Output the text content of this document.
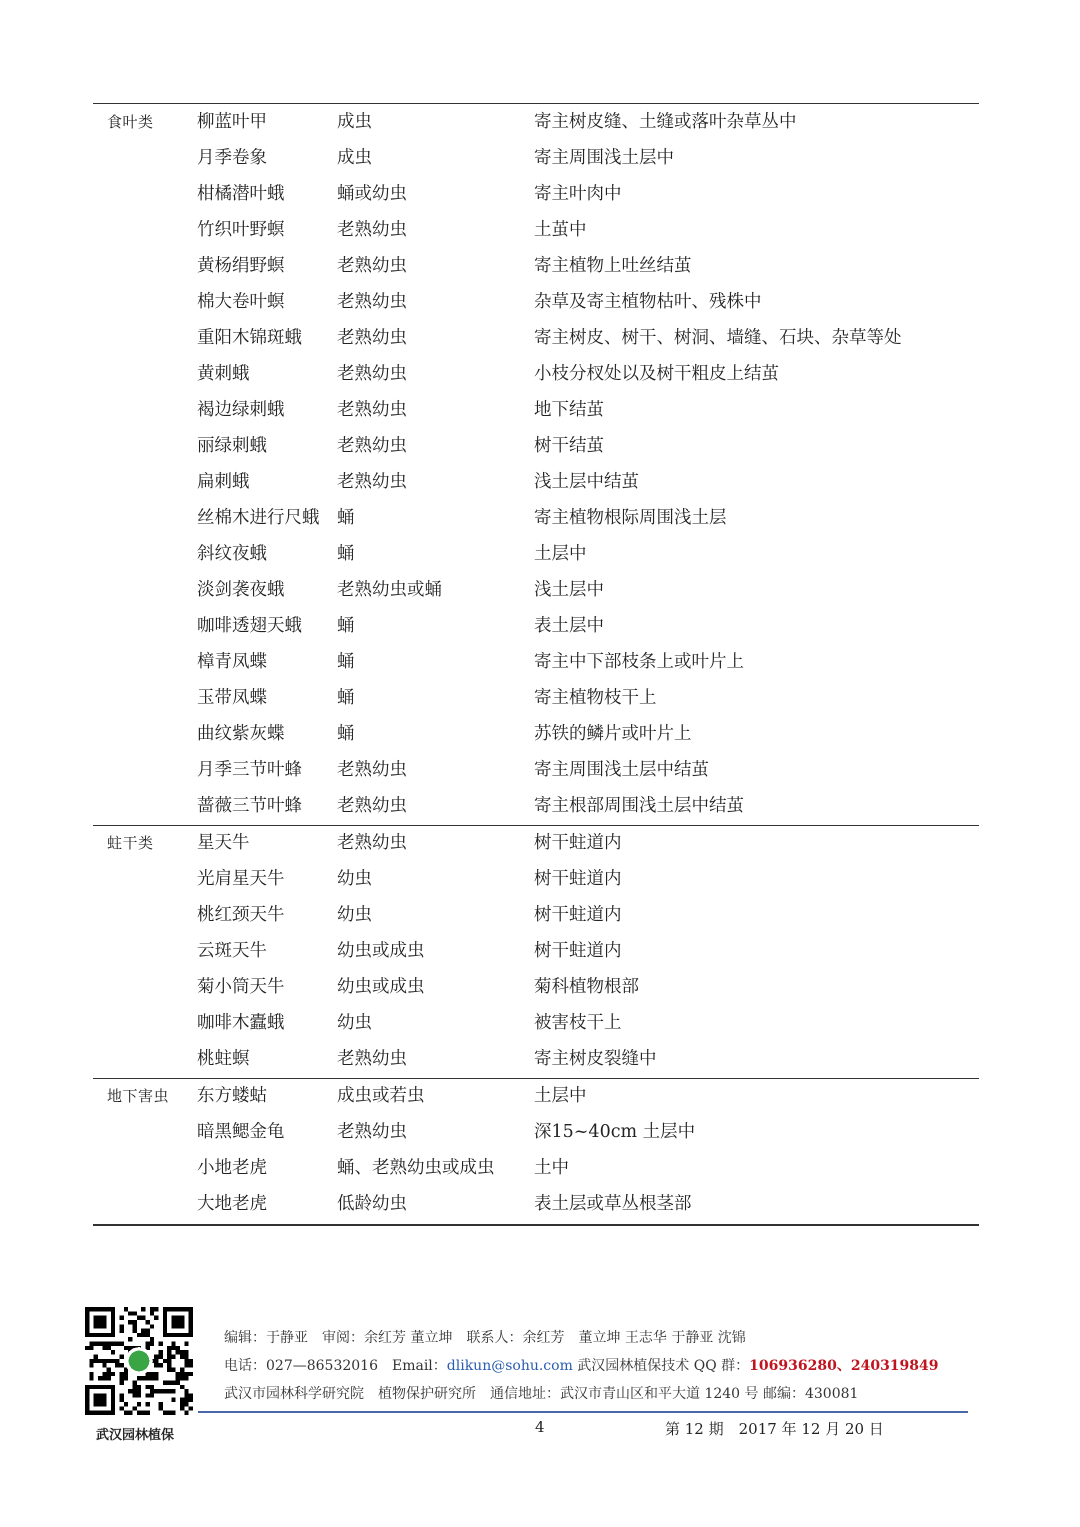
食叶类 柳蓝叶甲	成虫	寄主树皮缝、土缝或落叶杂草丛中
月季卷象	成虫	寄主周围浅土层中
柑橘潜叶蛾	蛹或幼虫	寄主叶肉中
竹织叶野螟	老熟幼虫	土茧中
黄杨绢野螟	老熟幼虫	寄主植物上吐丝结茧
棉大卷叶螟	老熟幼虫	杂草及寄主植物枯叶、残株中
重阳木锦斑蛾 老熟幼虫	寄主树皮、树干、树洞、墙缝、石块、杂草等处
黄刺蛾	老熟幼虫	小枝分杈处以及树干粗皮上结茧
褐边绿刺蛾	老熟幼虫	地下结茧
丽绿刺蛾	老熟幼虫	树干结茧
扁刺蛾	老熟幼虫	浅土层中结茧
丝棉木进行尺蛾 蛹	寄主植物根际周围浅土层
斜纹夜蛾	蛹	土层中
淡剑袭夜蛾	老熟幼虫或蛹	浅土层中
咖啡透翅天蛾 蛹	表土层中
樟青凤蝶	蛹	寄主中下部枝条上或叶片上
玉带凤蝶	蛹	寄主植物枝干上
曲纹紫灰蝶	蛹	苏铁的鳞片或叶片上
月季三节叶蜂 老熟幼虫	寄主周围浅土层中结茧
蔷薇三节叶蜂 老熟幼虫	寄主根部周围浅土层中结茧
蛀干类 星天牛	老熟幼虫	树干蛀道内
光肩星天牛	幼虫	树干蛀道内
桃红颈天牛	幼虫	树干蛀道内
云斑天牛	幼虫或成虫	树干蛀道内
菊小筒天牛	幼虫或成虫	菊科植物根部
咖啡木蠹蛾	幼虫	被害枝干上
桃蛀螟	老熟幼虫	寄主树皮裂缝中
地下害虫 东方蝼蛄	成虫或若虫	土层中
暗黑鳃金龟	老熟幼虫	深15~40cm 土层中
小地老虎	蛹、老熟幼虫或成虫 土中
大地老虎	低龄幼虫	表土层或草丛根茎部
武汉园林植保
编辑：于静亚　审阅：余红芳 董立坤　联系人：余红芳　董立坤 王志华 于静亚 沈锦
电话：027—86532016　Email：dlikun@sohu.com 武汉园林植保技术 QQ 群：106936280、240319849
武汉市园林科学研究院　植物保护研究所　通信地址：武汉市青山区和平大道 1240 号 邮编：430081
4	第 12 期　2017 年 12 月 20 日
